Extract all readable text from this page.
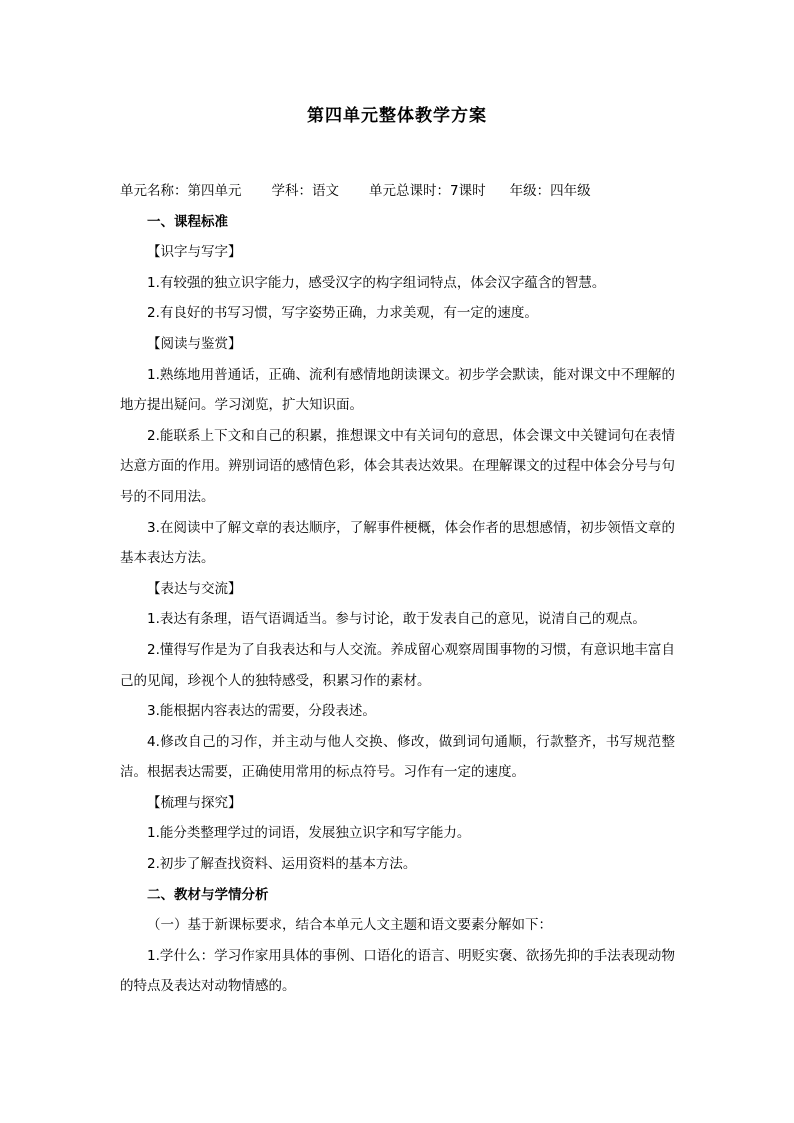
第四单元整体教学方案

单元名称：第四单元 学科：语文 单元总课时：7课时 年级：四年级

一、课程标准

【识字与写字】

1.有较强的独立识字能力，感受汉字的构字组词特点，体会汉字蕴含的智慧。

2.有良好的书写习惯，写字姿势正确，力求美观，有一定的速度。

【阅读与鉴赏】

1.熟练地用普通话，正确、流利有感情地朗读课文。初步学会默读，能对课文中不理解的地方提出疑问。学习浏览，扩大知识面。

2.能联系上下文和自己的积累，推想课文中有关词句的意思，体会课文中关键词句在表情达意方面的作用。辨别词语的感情色彩，体会其表达效果。在理解课文的过程中体会分号与句号的不同用法。

3.在阅读中了解文章的表达顺序，了解事件梗概，体会作者的思想感情，初步领悟文章的基本表达方法。

【表达与交流】

1.表达有条理，语气语调适当。参与讨论，敢于发表自己的意见，说清自己的观点。

2.懂得写作是为了自我表达和与人交流。养成留心观察周围事物的习惯，有意识地丰富自己的见闻，珍视个人的独特感受，积累习作的素材。

3.能根据内容表达的需要，分段表述。

4.修改自己的习作，并主动与他人交换、修改，做到词句通顺，行款整齐，书写规范整洁。根据表达需要，正确使用常用的标点符号。习作有一定的速度。

【梳理与探究】

1.能分类整理学过的词语，发展独立识字和写字能力。

2.初步了解查找资料、运用资料的基本方法。

二、教材与学情分析

（一）基于新课标要求，结合本单元人文主题和语文要素分解如下：

1.学什么：学习作家用具体的事例、口语化的语言、明贬实褒、欲扬先抑的手法表现动物的特点及表达对动物情感的。
